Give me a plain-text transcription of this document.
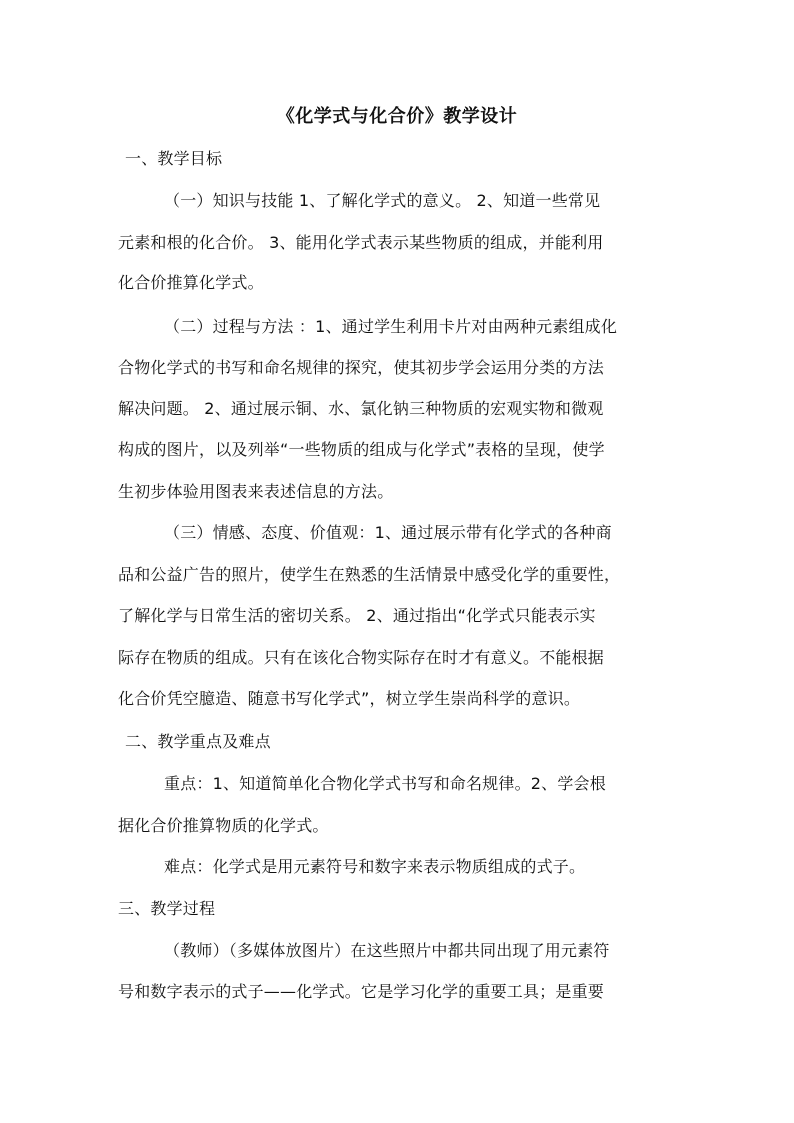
《化学式与化合价》教学设计
一、教学目标
（一）知识与技能 1、了解化学式的意义。 2、知道一些常见
元素和根的化合价。 3、能用化学式表示某些物质的组成，并能利用
化合价推算化学式。
（二）过程与方法 ：1、通过学生利用卡片对由两种元素组成化
合物化学式的书写和命名规律的探究，使其初步学会运用分类的方法
解决问题。 2、通过展示铜、水、氯化钠三种物质的宏观实物和微观
构成的图片，以及列举“一些物质的组成与化学式”表格的呈现，使学
生初步体验用图表来表述信息的方法。
（三）情感、态度、价值观：1、通过展示带有化学式的各种商
品和公益广告的照片，使学生在熟悉的生活情景中感受化学的重要性，
了解化学与日常生活的密切关系。 2、通过指出“化学式只能表示实
际存在物质的组成。只有在该化合物实际存在时才有意义。不能根据
化合价凭空臆造、随意书写化学式”，树立学生崇尚科学的意识。
二、教学重点及难点
重点：1、知道简单化合物化学式书写和命名规律。2、学会根
据化合价推算物质的化学式。
难点：化学式是用元素符号和数字来表示物质组成的式子。
三、教学过程
（教师）（多媒体放图片）在这些照片中都共同出现了用元素符
号和数字表示的式子——化学式。它是学习化学的重要工具；是重要
